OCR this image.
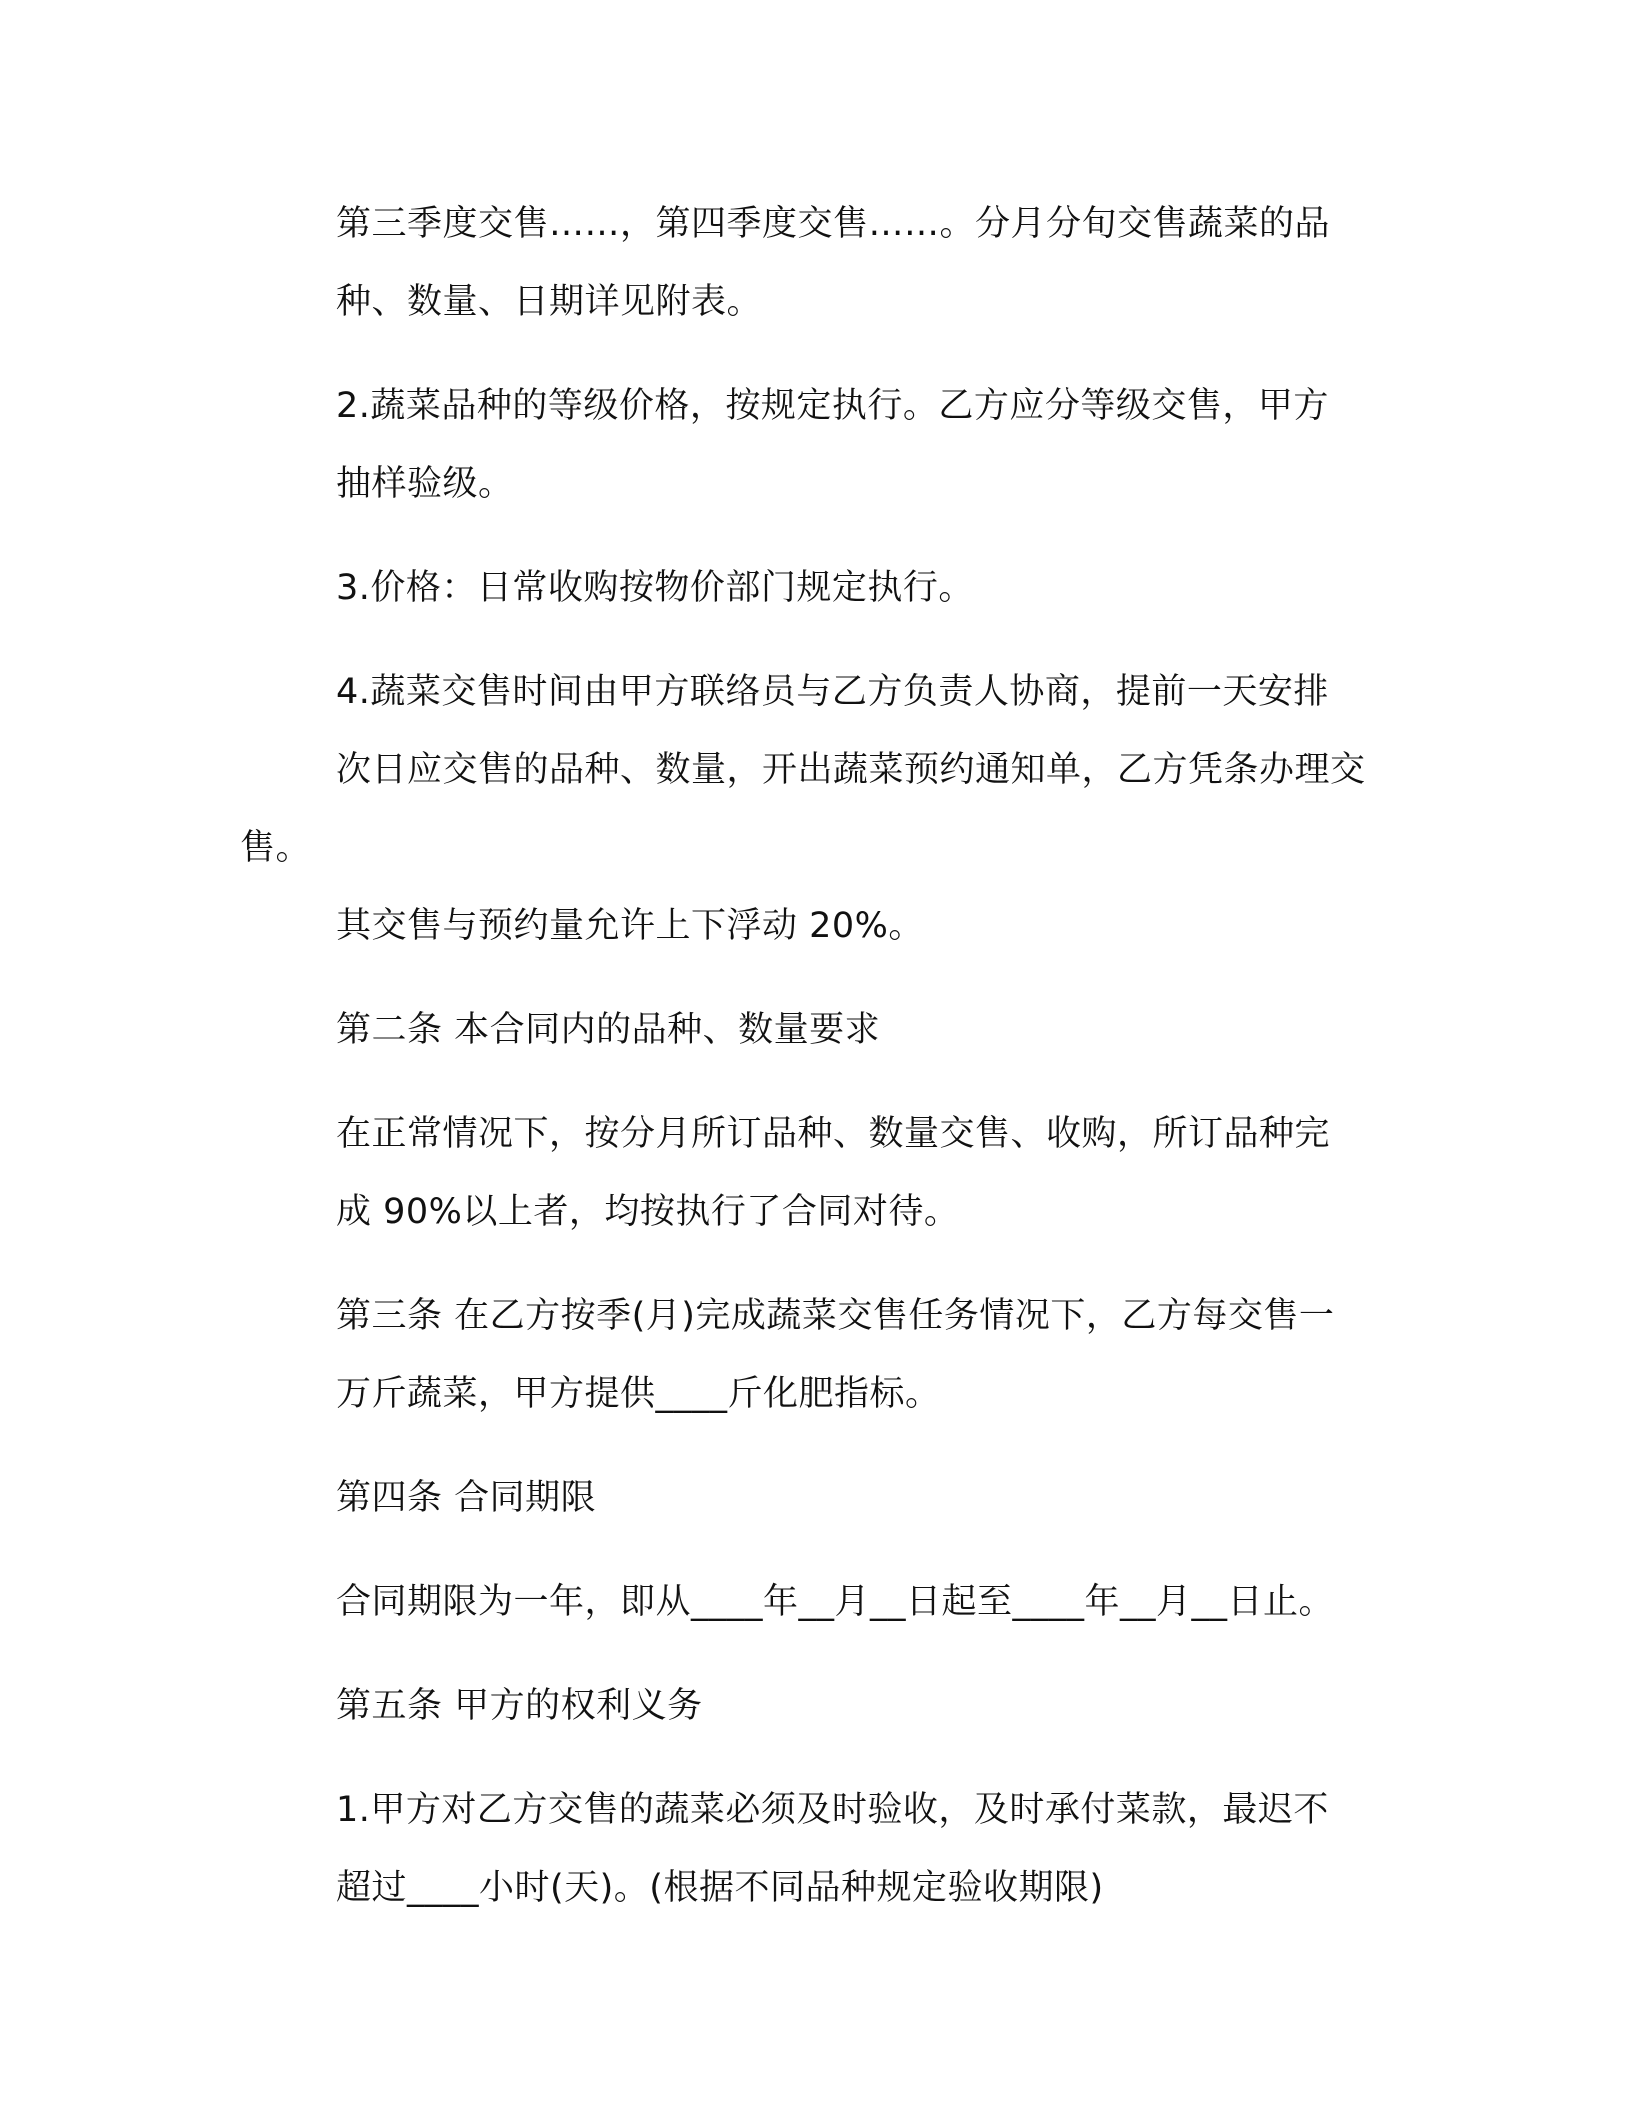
第三季度交售……，第四季度交售……。分月分旬交售蔬菜的品
种、数量、日期详见附表。

2.蔬菜品种的等级价格，按规定执行。乙方应分等级交售，甲方
抽样验级。

3.价格：日常收购按物价部门规定执行。

4.蔬菜交售时间由甲方联络员与乙方负责人协商，提前一天安排
次日应交售的品种、数量，开出蔬菜预约通知单，乙方凭条办理交售。
其交售与预约量允许上下浮动 20%。

第二条 本合同内的品种、数量要求

在正常情况下，按分月所订品种、数量交售、收购，所订品种完
成 90%以上者，均按执行了合同对待。

第三条 在乙方按季(月)完成蔬菜交售任务情况下，乙方每交售一
万斤蔬菜，甲方提供____斤化肥指标。

第四条 合同期限

合同期限为一年，即从____年__月__日起至____年__月__日止。

第五条 甲方的权利义务

1.甲方对乙方交售的蔬菜必须及时验收，及时承付菜款，最迟不
超过____小时(天)。(根据不同品种规定验收期限)
